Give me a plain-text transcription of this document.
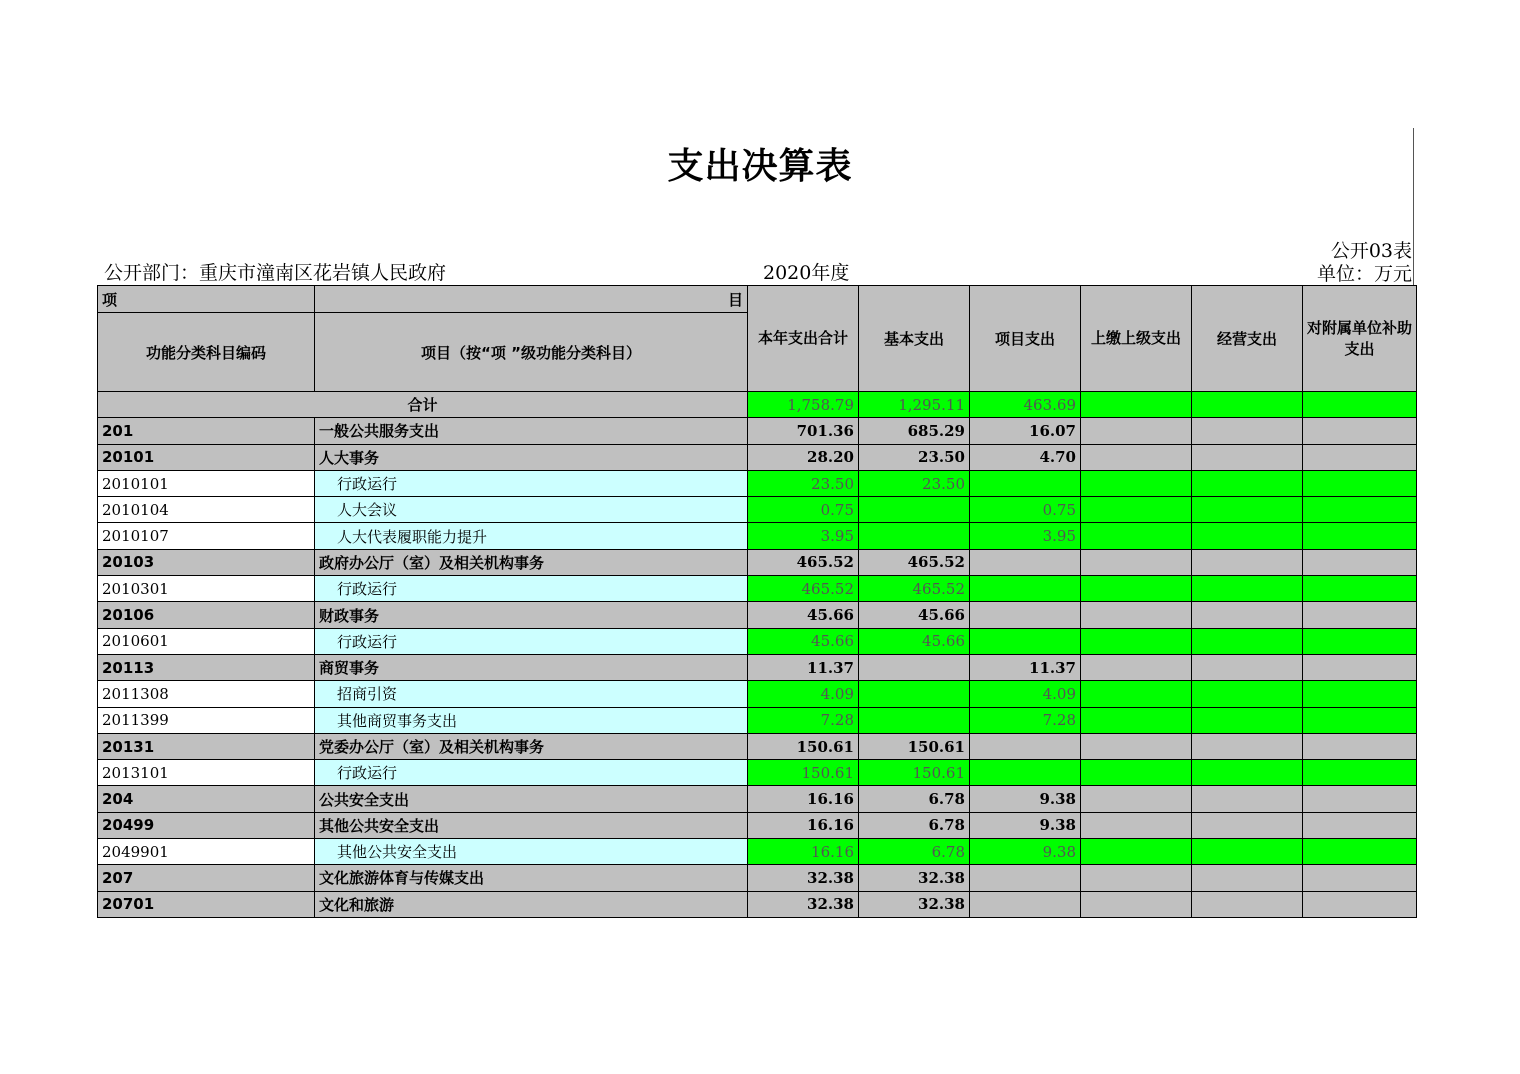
支出决算表
公开部门：重庆市潼南区花岩镇人民政府	2020年度
公开03表
单位：万元
项	目	本年支出合计	基本支出	项目支出	上缴上级支出	经营支出	对附属单位补助支出
功能分类科目编码	项目（按“项 ”级功能分类科目）						
合计		1,758.79	1,295.11	463.69			
201	一般公共服务支出	701.36	685.29	16.07			
20101	人大事务	28.20	23.50	4.70			
2010101	行政运行	23.50	23.50				
2010104	人大会议	0.75		0.75			
2010107	人大代表履职能力提升	3.95		3.95			
20103	政府办公厅（室）及相关机构事务	465.52	465.52				
2010301	行政运行	465.52	465.52				
20106	财政事务	45.66	45.66				
2010601	行政运行	45.66	45.66				
20113	商贸事务	11.37		11.37			
2011308	招商引资	4.09		4.09			
2011399	其他商贸事务支出	7.28		7.28			
20131	党委办公厅（室）及相关机构事务	150.61	150.61				
2013101	行政运行	150.61	150.61				
204	公共安全支出	16.16	6.78	9.38			
20499	其他公共安全支出	16.16	6.78	9.38			
2049901	其他公共安全支出	16.16	6.78	9.38			
207	文化旅游体育与传媒支出	32.38	32.38				
20701	文化和旅游	32.38	32.38				
